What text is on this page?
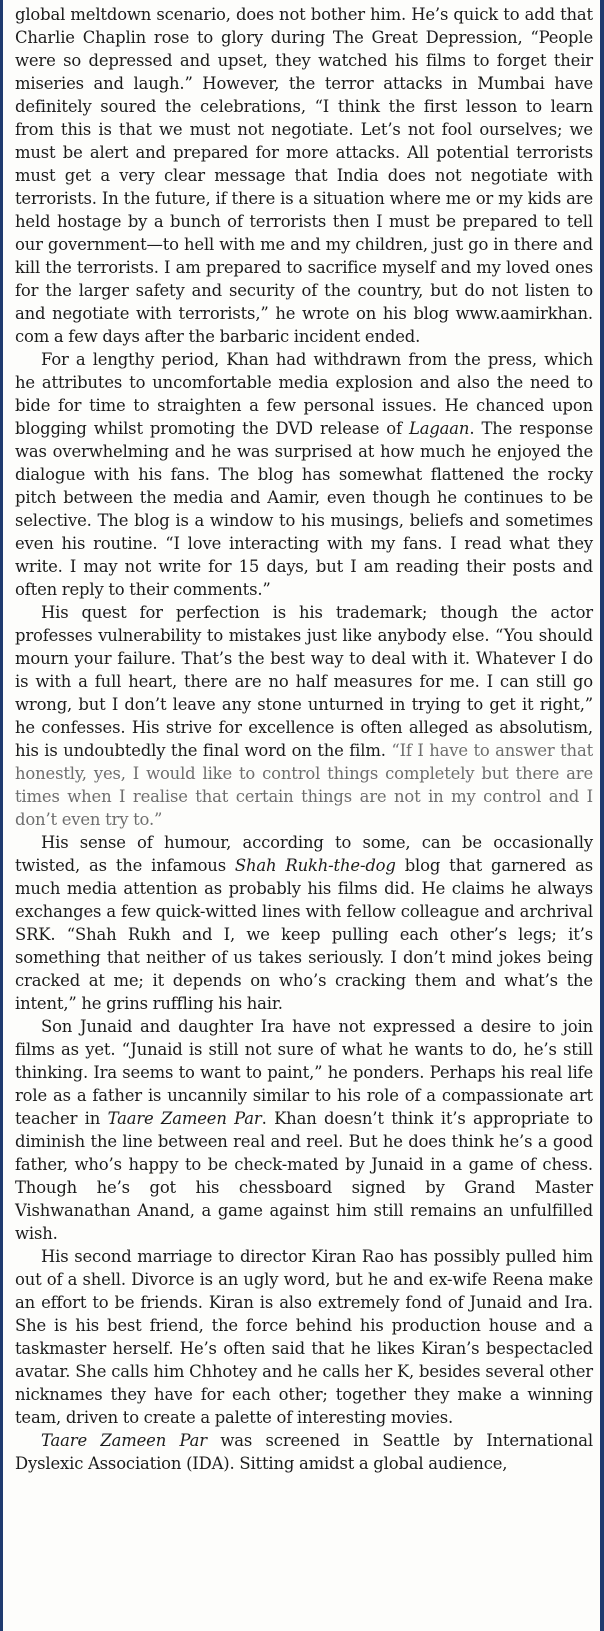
global meltdown scenario, does not bother him. He’s quick to add that Charlie Chaplin rose to glory during The Great Depression, “People were so depressed and upset, they watched his films to forget their miseries and laugh.” However, the terror attacks in Mumbai have definitely soured the celebrations, “I think the first lesson to learn from this is that we must not negotiate. Let’s not fool ourselves; we must be alert and prepared for more attacks. All potential terrorists must get a very clear message that India does not negotiate with terrorists. In the future, if there is a situation where me or my kids are held hostage by a bunch of terrorists then I must be prepared to tell our government—to hell with me and my children, just go in there and kill the terrorists. I am prepared to sacrifice myself and my loved ones for the larger safety and security of the country, but do not listen to and negotiate with terrorists,” he wrote on his blog www.aamirkhan. com a few days after the barbaric incident ended.

For a lengthy period, Khan had withdrawn from the press, which he attributes to uncomfortable media explosion and also the need to bide for time to straighten a few personal issues. He chanced upon blogging whilst promoting the DVD release of Lagaan. The response was overwhelming and he was surprised at how much he enjoyed the dialogue with his fans. The blog has somewhat flattened the rocky pitch between the media and Aamir, even though he continues to be selective. The blog is a window to his musings, beliefs and sometimes even his routine. “I love interacting with my fans. I read what they write. I may not write for 15 days, but I am reading their posts and often reply to their comments.”

His quest for perfection is his trademark; though the actor professes vulnerability to mistakes just like anybody else. “You should mourn your failure. That’s the best way to deal with it. Whatever I do is with a full heart, there are no half measures for me. I can still go wrong, but I don’t leave any stone unturned in trying to get it right,” he confesses. His strive for excellence is often alleged as absolutism, his is undoubtedly the final word on the film. “If I have to answer that honestly, yes, I would like to control things completely but there are times when I realise that certain things are not in my control and I don’t even try to.”

His sense of humour, according to some, can be occasionally twisted, as the infamous Shah Rukh-the-dog blog that garnered as much media attention as probably his films did. He claims he always exchanges a few quick-witted lines with fellow colleague and archrival SRK. “Shah Rukh and I, we keep pulling each other’s legs; it’s something that neither of us takes seriously. I don’t mind jokes being cracked at me; it depends on who’s cracking them and what’s the intent,” he grins ruffling his hair.

Son Junaid and daughter Ira have not expressed a desire to join films as yet. “Junaid is still not sure of what he wants to do, he’s still thinking. Ira seems to want to paint,” he ponders. Perhaps his real life role as a father is uncannily similar to his role of a compassionate art teacher in Taare Zameen Par. Khan doesn’t think it’s appropriate to diminish the line between real and reel. But he does think he’s a good father, who’s happy to be check-mated by Junaid in a game of chess. Though he’s got his chessboard signed by Grand Master Vishwanathan Anand, a game against him still remains an unfulfilled wish.

His second marriage to director Kiran Rao has possibly pulled him out of a shell. Divorce is an ugly word, but he and ex-wife Reena make an effort to be friends. Kiran is also extremely fond of Junaid and Ira. She is his best friend, the force behind his production house and a taskmaster herself. He’s often said that he likes Kiran’s bespectacled avatar. She calls him Chhotey and he calls her K, besides several other nicknames they have for each other; together they make a winning team, driven to create a palette of interesting movies.

Taare Zameen Par was screened in Seattle by International Dyslexic Association (IDA). Sitting amidst a global audience,
